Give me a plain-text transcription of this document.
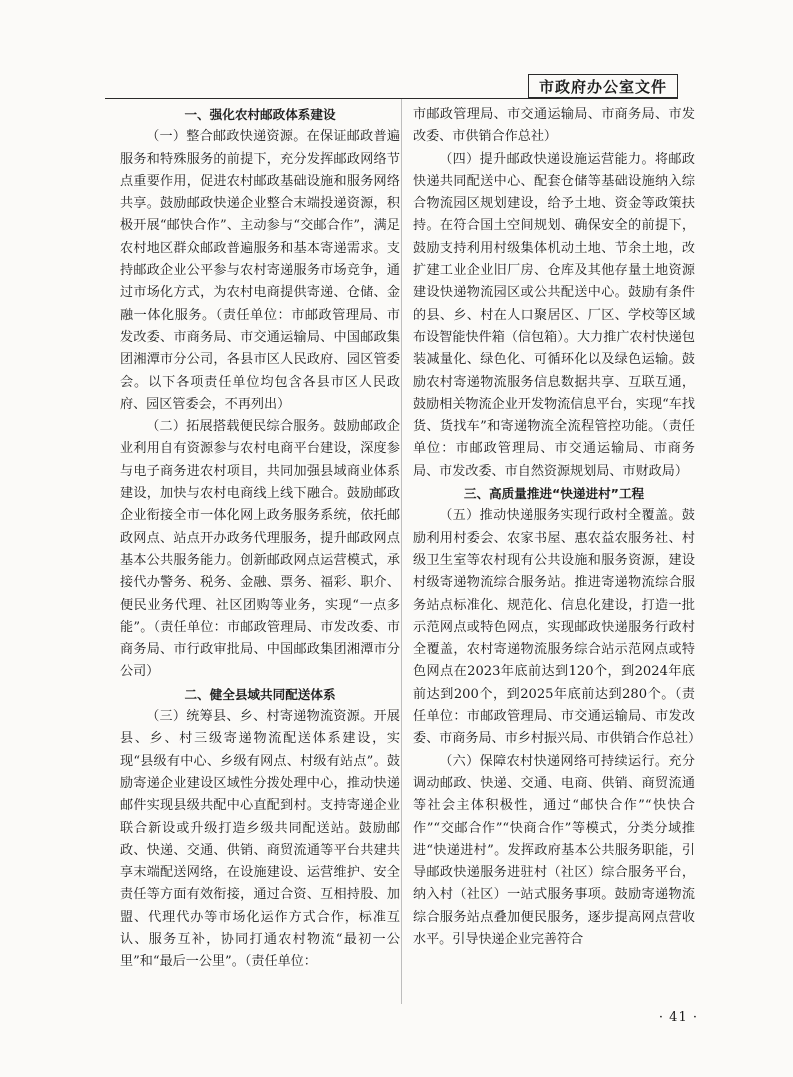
市政府办公室文件

一、强化农村邮政体系建设

（一）整合邮政快递资源。在保证邮政普遍服务和特殊服务的前提下，充分发挥邮政网络节点重要作用，促进农村邮政基础设施和服务网络共享。鼓励邮政快递企业整合末端投递资源，积极开展“邮快合作”、主动参与“交邮合作”，满足农村地区群众邮政普遍服务和基本寄递需求。支持邮政企业公平参与农村寄递服务市场竞争，通过市场化方式，为农村电商提供寄递、仓储、金融一体化服务。（责任单位：市邮政管理局、市发改委、市商务局、市交通运输局、中国邮政集团湘潭市分公司，各县市区人民政府、园区管委会。以下各项责任单位均包含各县市区人民政府、园区管委会，不再列出）

（二）拓展搭载便民综合服务。鼓励邮政企业利用自有资源参与农村电商平台建设，深度参与电子商务进农村项目，共同加强县域商业体系建设，加快与农村电商线上线下融合。鼓励邮政企业衔接全市一体化网上政务服务系统，依托邮政网点、站点开办政务代理服务，提升邮政网点基本公共服务能力。创新邮政网点运营模式，承接代办警务、税务、金融、票务、福彩、职介、便民业务代理、社区团购等业务，实现“一点多能”。（责任单位：市邮政管理局、市发改委、市商务局、市行政审批局、中国邮政集团湘潭市分公司）

二、健全县域共同配送体系

（三）统筹县、乡、村寄递物流资源。开展县、乡、村三级寄递物流配送体系建设，实现“县级有中心、乡级有网点、村级有站点”。鼓励寄递企业建设区域性分拨处理中心，推动快递邮件实现县级共配中心直配到村。支持寄递企业联合新设或升级打造乡级共同配送站。鼓励邮政、快递、交通、供销、商贸流通等平台共建共享末端配送网络，在设施建设、运营维护、安全责任等方面有效衔接，通过合资、互相持股、加盟、代理代办等市场化运作方式合作，标准互认、服务互补，协同打通农村物流“最初一公里”和“最后一公里”。（责任单位：

市邮政管理局、市交通运输局、市商务局、市发改委、市供销合作总社）

（四）提升邮政快递设施运营能力。将邮政快递共同配送中心、配套仓储等基础设施纳入综合物流园区规划建设，给予土地、资金等政策扶持。在符合国土空间规划、确保安全的前提下，鼓励支持利用村级集体机动土地、节余土地，改扩建工业企业旧厂房、仓库及其他存量土地资源建设快递物流园区或公共配送中心。鼓励有条件的县、乡、村在人口聚居区、厂区、学校等区域布设智能快件箱（信包箱）。大力推广农村快递包装减量化、绿色化、可循环化以及绿色运输。鼓励农村寄递物流服务信息数据共享、互联互通，鼓励相关物流企业开发物流信息平台，实现“车找货、货找车”和寄递物流全流程管控功能。（责任单位：市邮政管理局、市交通运输局、市商务局、市发改委、市自然资源规划局、市财政局）

三、高质量推进“快递进村”工程

（五）推动快递服务实现行政村全覆盖。鼓励利用村委会、农家书屋、惠农益农服务社、村级卫生室等农村现有公共设施和服务资源，建设村级寄递物流综合服务站。推进寄递物流综合服务站点标准化、规范化、信息化建设，打造一批示范网点或特色网点，实现邮政快递服务行政村全覆盖，农村寄递物流服务综合站示范网点或特色网点在2023年底前达到120个，到2024年底前达到200个，到2025年底前达到280个。（责任单位：市邮政管理局、市交通运输局、市发改委、市商务局、市乡村振兴局、市供销合作总社）

（六）保障农村快递网络可持续运行。充分调动邮政、快递、交通、电商、供销、商贸流通等社会主体积极性，通过“邮快合作”“快快合作”“交邮合作”“快商合作”等模式，分类分域推进“快递进村”。发挥政府基本公共服务职能，引导邮政快递服务进驻村（社区）综合服务平台，纳入村（社区）一站式服务事项。鼓励寄递物流综合服务站点叠加便民服务，逐步提高网点营收水平。引导快递企业完善符合

· 41 ·
